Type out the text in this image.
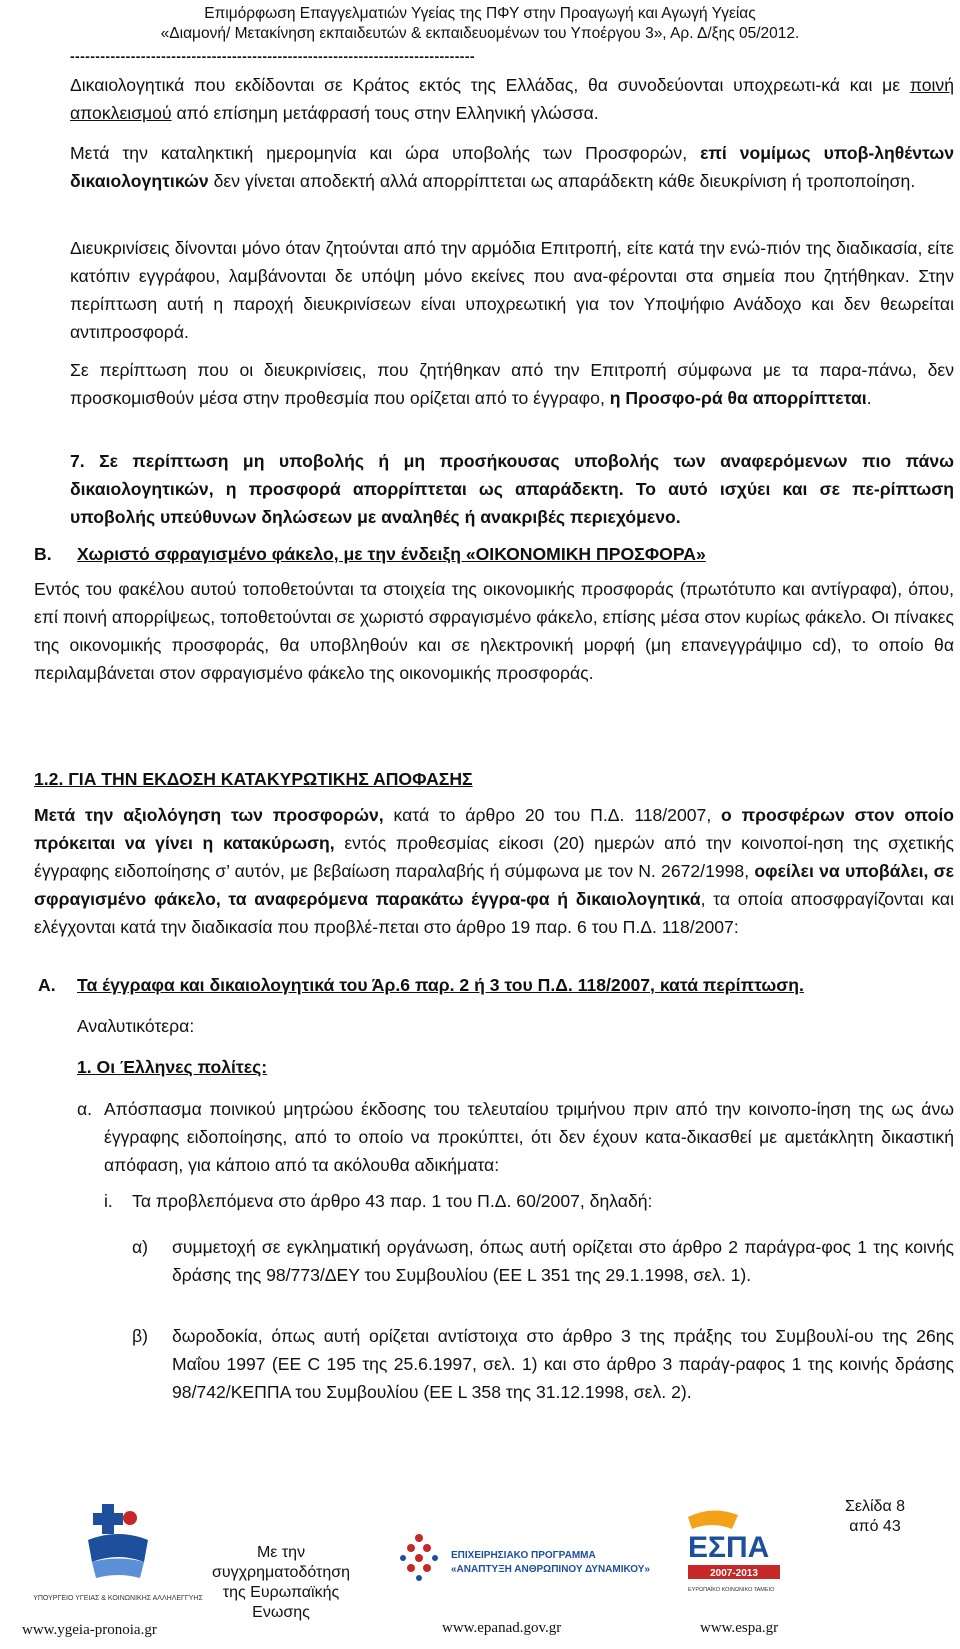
Επιμόρφωση Επαγγελματιών Υγείας της ΠΦΥ στην Προαγωγή και Αγωγή Υγείας
«Διαμονή/ Μετακίνηση εκπαιδευτών & εκπαιδευομένων του Υπoέργου 3», Αρ. Δ/ξης 05/2012.
--------------------------------------------------------------------------------
Δικαιολογητικά που εκδίδονται σε Κράτος εκτός της Ελλάδας, θα συνοδεύονται υποχρεωτι-κά και με ποινή αποκλεισμού από επίσημη μετάφρασή τους στην Ελληνική γλώσσα.
Μετά την καταληκτική ημερομηνία και ώρα υποβολής των Προσφορών, επί νομίμως υποβ-ληθέντων δικαιολογητικών δεν γίνεται αποδεκτή αλλά απορρίπτεται ως απαράδεκτη κάθε διευκρίνιση ή τροποποίηση.
Διευκρινίσεις δίνονται μόνο όταν ζητούνται από την αρμόδια Επιτροπή, είτε κατά την ενώ-πιόν της διαδικασία, είτε κατόπιν εγγράφου, λαμβάνονται δε υπόψη μόνο εκείνες που ανα-φέρονται στα σημεία που ζητήθηκαν. Στην περίπτωση αυτή η παροχή διευκρινίσεων είναι υποχρεωτική για τον Υποψήφιο Ανάδοχο και δεν θεωρείται αντιπροσφορά.
Σε περίπτωση που οι διευκρινίσεις, που ζητήθηκαν από την Επιτροπή σύμφωνα με τα παρα-πάνω, δεν προσκομισθούν μέσα στην προθεσμία που ορίζεται από το έγγραφο, η Προσφο-ρά θα απορρίπτεται.
7. Σε περίπτωση μη υποβολής ή μη προσήκουσας υποβολής των αναφερόμενων πιο πάνω δικαιολογητικών, η προσφορά απορρίπτεται ως απαράδεκτη. Το αυτό ισχύει και σε πε-ρίπτωση υποβολής υπεύθυνων δηλώσεων με αναληθές ή ανακριβές περιεχόμενο.
Β. Χωριστό σφραγισμένο φάκελο, με την ένδειξη «ΟΙΚΟΝΟΜΙΚΗ ΠΡΟΣΦΟΡΑ»
Εντός του φακέλου αυτού τοποθετούνται τα στοιχεία της οικονομικής προσφοράς (πρωτότυπο και αντίγραφα), όπου, επί ποινή απορρίψεως, τοποθετούνται σε χωριστό σφραγισμένο φάκελο, επίσης μέσα στον κυρίως φάκελο. Οι πίνακες της οικονομικής προσφοράς, θα υποβληθούν και σε ηλεκτρονική μορφή (μη επανεγγράψιμο cd), το οποίο θα περιλαμβάνεται στον σφραγισμένο φάκελο της οικονομικής προσφοράς.
1.2. ΓΙΑ ΤΗΝ ΕΚΔΟΣΗ ΚΑΤΑΚΥΡΩΤΙΚΗΣ ΑΠΟΦΑΣΗΣ
Μετά την αξιολόγηση των προσφορών, κατά το άρθρο 20 του Π.Δ. 118/2007, ο προσφέρων στον οποίο πρόκειται να γίνει η κατακύρωση, εντός προθεσμίας είκοσι (20) ημερών από την κοινοποί-ηση της σχετικής έγγραφης ειδοποίησης σ’ αυτόν, με βεβαίωση παραλαβής ή σύμφωνα με τον Ν. 2672/1998, οφείλει να υποβάλει, σε σφραγισμένο φάκελο, τα αναφερόμενα παρακάτω έγγρα-φα ή δικαιολογητικά, τα οποία αποσφραγίζονται και ελέγχονται κατά την διαδικασία που προβλέ-πεται στο άρθρο 19 παρ. 6 του Π.Δ. 118/2007:
Α. Τα έγγραφα και δικαιολογητικά του Άρ.6 παρ. 2 ή 3 του Π.Δ. 118/2007, κατά περίπτωση.
Αναλυτικότερα:
1. Οι Έλληνες πολίτες:
α. Απόσπασμα ποινικού μητρώου έκδοσης του τελευταίου τριμήνου πριν από την κοινοπο-ίηση της ως άνω έγγραφης ειδοποίησης, από το οποίο να προκύπτει, ότι δεν έχουν κατα-δικασθεί με αμετάκλητη δικαστική απόφαση, για κάποιο από τα ακόλουθα αδικήματα:
i. Τα προβλεπόμενα στο άρθρο 43 παρ. 1 του Π.Δ. 60/2007, δηλαδή:
α) συμμετοχή σε εγκληματική οργάνωση, όπως αυτή ορίζεται στο άρθρο 2 παράγρα-φος 1 της κοινής δράσης της 98/773/ΔΕΥ του Συμβουλίου (ΕΕ L 351 της 29.1.1998, σελ. 1).
β) δωροδοκία, όπως αυτή ορίζεται αντίστοιχα στο άρθρο 3 της πράξης του Συμβουλί-ου της 26ης Μαΐου 1997 (ΕΕ C 195 της 25.6.1997, σελ. 1) και στο άρθρο 3 παράγ-ραφος 1 της κοινής δράσης 98/742/ΚΕΠΠΑ του Συμβουλίου (ΕΕ L 358 της 31.12.1998, σελ. 2).
ΥΠΟΥΡΓΕΙΟ ΥΓΕΙΑΣ & ΚΟΙΝΩΝΙΚΗΣ ΑΛΛΗΛΕΓΓΥΗΣ
Με την
συγχρηματοδότηση
της Ευρωπαϊκής
Ενωσης
ΕΠΙΧΕΙΡΗΣΙΑΚΟ ΠΡΟΓΡΑΜΜΑ
«ΑΝΑΠΤΥΞΗ ΑΝΘΡΩΠΙΝΟΥ ΔΥΝΑΜΙΚΟΥ»
ΕΣΠΑ
2007-2013
ΕΥΡΩΠΑΪΚΟ ΚΟΙΝΩΝΙΚΟ ΤΑΜΕΙΟ
Σελίδα 8
από 43
www.ygeia-pronoia.gr	www.epanad.gov.gr	www.espa.gr
